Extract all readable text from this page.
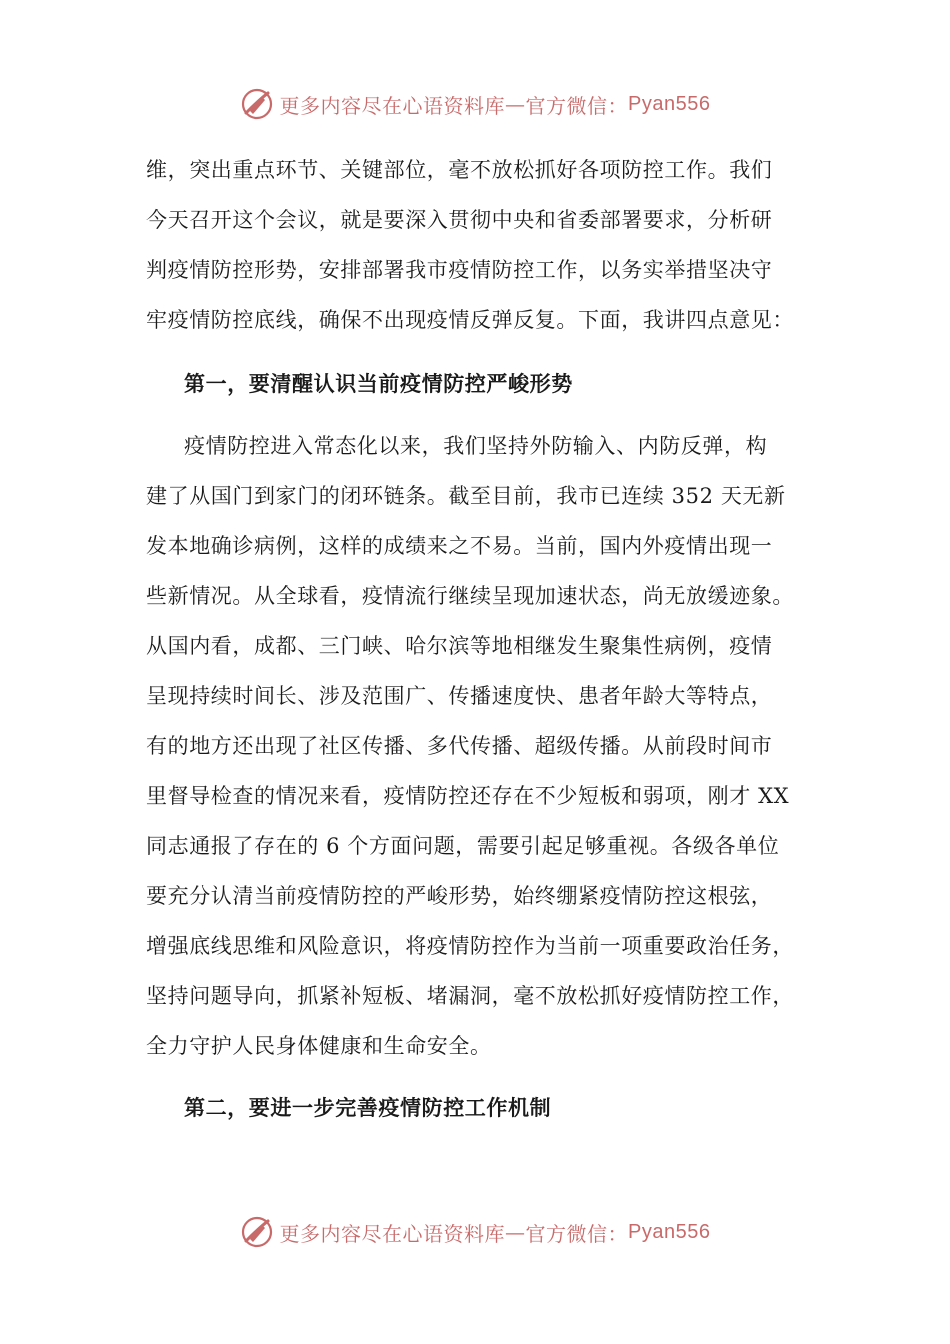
更多内容尽在心语资料库 — 官方微信： Pyan556
维，突出重点环节、关键部位，毫不放松抓好各项防控工作。我们
今天召开这个会议，就是要深入贯彻中央和省委部署要求，分析研
判疫情防控形势，安排部署我市疫情防控工作，以务实举措坚决守
牢疫情防控底线，确保不出现疫情反弹反复。下面，我讲四点意见：
第一，要清醒认识当前疫情防控严峻形势
疫情防控进入常态化以来，我们坚持外防输入、内防反弹，构
建了从国门到家门的闭环链条。截至目前，我市已连续 352 天无新
发本地确诊病例，这样的成绩来之不易。当前，国内外疫情出现一
些新情况。从全球看，疫情流行继续呈现加速状态，尚无放缓迹象。
从国内看，成都、三门峡、哈尔滨等地相继发生聚集性病例，疫情
呈现持续时间长、涉及范围广、传播速度快、患者年龄大等特点，
有的地方还出现了社区传播、多代传播、超级传播。从前段时间市
里督导检查的情况来看，疫情防控还存在不少短板和弱项，刚才 XX
同志通报了存在的 6 个方面问题，需要引起足够重视。各级各单位
要充分认清当前疫情防控的严峻形势，始终绷紧疫情防控这根弦，
增强底线思维和风险意识，将疫情防控作为当前一项重要政治任务，
坚持问题导向，抓紧补短板、堵漏洞，毫不放松抓好疫情防控工作，
全力守护人民身体健康和生命安全。
第二，要进一步完善疫情防控工作机制
更多内容尽在心语资料库 — 官方微信： Pyan556
